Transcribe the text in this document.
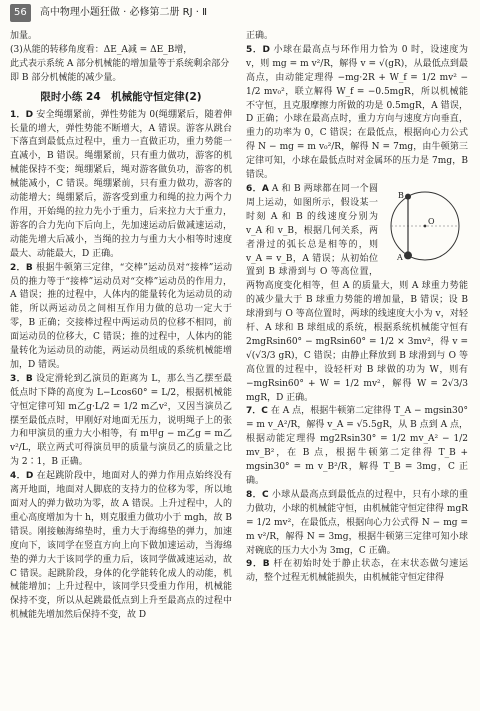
56 高中物理小题狂做 · 必修第二册 RJ · Ⅱ

加量。

(3)从能的转移角度看：ΔE_A减 = ΔE_B增，

此式表示系统 A 部分机械能的增加量等于系统剩余部分

即 B 部分机械能的减少量。

限时小练 24　机械能守恒定律(2)

1．D 安全绳绷紧前，弹性势能为 0(绳绷紧后，随着伸长量的增大，弹性势能不断增大，A 错误。游客从跳台下落直到最低点过程中，重力一直做正功，重力势能一直减小，B 错误。绳绷紧前，只有重力做功，游客的机械能保持不变；绳绷紧后，绳对游客做负功，游客的机械能减小，C 错误。绳绷紧前，只有重力做功，游客的动能增大；绳绷紧后，游客受到重力和绳的拉力两个力作用，开始绳的拉力先小于重力，后来拉力大于重力，游客的合力先向下后向上，先加速运动后做减速运动，动能先增大后减小，当绳的拉力与重力大小相等时速度最大、动能最大，D 正确。

2．B 根据牛顿第三定律，“交棒”运动员对“接棒”运动员的推力等于“接棒”运动员对“交棒”运动员的作用力，A 错误；推的过程中，人体内的能量转化为运动员的动能，所以两运动员之间相互作用力做的总功一定大于零，B 正确；交接棒过程中两运动员的位移不相同，前面运动员的位移大，C 错误；推的过程中，人体内的能量转化为运动员的动能，两运动员组成的系统机械能增加，D 错误。

3．B 设定滑轮到乙演员的距离为 L，那么当乙摆至最低点时下降的高度为 L−Lcos60° = L/2，根据机械能守恒定律可知 m乙g·L/2 = 1/2 m乙v²，又因当演员乙摆至最低点时，甲刚好对地面无压力，说明绳子上的张力和甲演员的重力大小相等，有 m甲g − m乙g = m乙v²/L，联立两式可得演员甲的质量与演员乙的质量之比为 2∶1，B 正确。

4．D 在起跳阶段中，地面对人的弹力作用点始终没有离开地面，地面对人脚底的支持力的位移为零，所以地面对人的弹力做功为零，故 A 错误。上升过程中，人的重心高度增加为十 h，则克服重力做功小于 mgh，故 B 错误。刚接触海绵垫时，重力大于海绵垫的弹力，加速度向下，该同学在竖直方向上向下做加速运动，当海绵垫的弹力大于该同学的重力后，该同学做减速运动，故 C 错误。起跳阶段，身体的化学能转化成人的动能，机械能增加；上升过程中，该同学只受重力作用，机械能保持不变，所以从起跳最低点到上升至最高点的过程中机械能先增加然后保持不变，故 D

正确。

5．D 小球在最高点与环作用力恰为 0 时，设速度为 v，则 mg = m v²/R，解得 v = √(gR)，从最低点到最高点，由动能定理得 −mg·2R + W_f = 1/2 mv² − 1/2 mv₀²，联立解得 W_f = −0.5mgR，所以机械能不守恒，且克服摩擦力所做的功是 0.5mgR，A 错误，D 正确；小球在最高点时，重力方向与速度方向垂直，重力的功率为 0，C 错误；在最低点，根据向心力公式得 N − mg = m v₀²/R，解得 N = 7mg，由牛顿第三定律可知，小球在最低点时对金属环的压力是 7mg，B 错误。

O
B
A
6．A A 和 B 两球都在同一个圆周上运动，如图所示，假设某一时刻 A 和 B 的线速度分别为 v_A 和 v_B，根据几何关系，两者滑过的弧长总是相等的，则 v_A = v_B，A 错误；从初始位置到 B 球滑到与 O 等高位置，两物高度变化相等，但 A 的质量大，则 A 球重力势能的减少量大于 B 球重力势能的增加量，B 错误；设 B 球滑到与 O 等高位置时，两球的线速度大小为 v，对轻杆、A 球和 B 球组成的系统，根据系统机械能守恒有 2mgRsin60° − mgRsin60° = 1/2 × 3mv²，得 v = √(√3/3 gR)，C 错误；由静止释放到 B 球滑到与 O 等高位置的过程中，设轻杆对 B 球做的功为 W，则有 −mgRsin60° + W = 1/2 mv²，解得 W = 2√3/3 mgR，D 正确。

7．C 在 A 点，根据牛顿第二定律得 T_A − mgsin30° = m v_A²/R，解得 v_A = √5.5gR，从 B 点到 A 点，根据动能定理得 mg2Rsin30° = 1/2 mv_A² − 1/2 mv_B²，在 B 点，根据牛顿第二定律得 T_B + mgsin30° = m v_B²/R，解得 T_B = 3mg，C 正确。

8．C 小球从最高点到最低点的过程中，只有小球的重力做功，小球的机械能守恒，由机械能守恒定律得 mgR = 1/2 mv²，在最低点，根据向心力公式得 N − mg = m v²/R，解得 N = 3mg，根据牛顿第三定律可知小球对碗底的压力大小为 3mg，C 正确。

9．B 杆在初始时处于静止状态，在末状态做匀速运动，整个过程无机械能损失，由机械能守恒定律得
